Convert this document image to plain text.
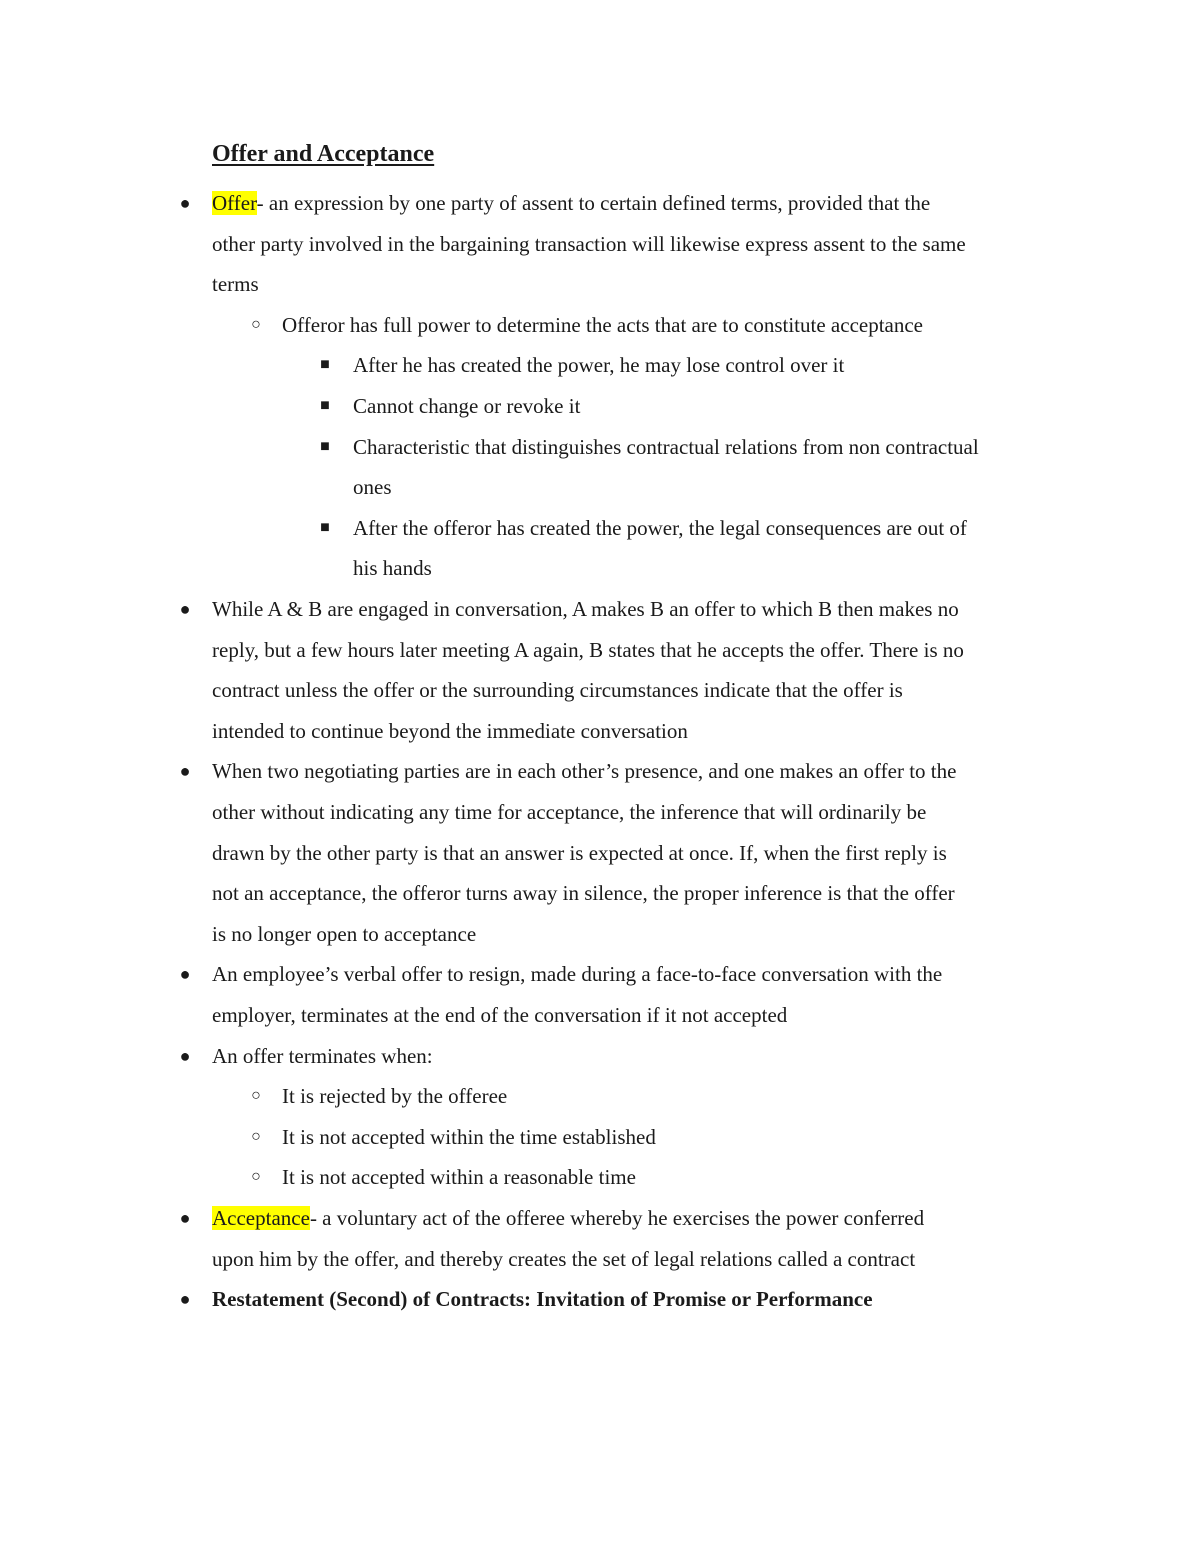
Offer and Acceptance
● Offer- an expression by one party of assent to certain defined terms, provided that the
other party involved in the bargaining transaction will likewise express assent to the same
terms
○ Offeror has full power to determine the acts that are to constitute acceptance
■ After he has created the power, he may lose control over it
■ Cannot change or revoke it
■ Characteristic that distinguishes contractual relations from non contractual
ones
■ After the offeror has created the power, the legal consequences are out of
his hands
● While A & B are engaged in conversation, A makes B an offer to which B then makes no
reply, but a few hours later meeting A again, B states that he accepts the offer. There is no
contract unless the offer or the surrounding circumstances indicate that the offer is
intended to continue beyond the immediate conversation
● When two negotiating parties are in each other’s presence, and one makes an offer to the
other without indicating any time for acceptance, the inference that will ordinarily be
drawn by the other party is that an answer is expected at once. If, when the first reply is
not an acceptance, the offeror turns away in silence, the proper inference is that the offer
is no longer open to acceptance
● An employee’s verbal offer to resign, made during a face-to-face conversation with the
employer, terminates at the end of the conversation if it not accepted
● An offer terminates when:
○ It is rejected by the offeree
○ It is not accepted within the time established
○ It is not accepted within a reasonable time
● Acceptance- a voluntary act of the offeree whereby he exercises the power conferred
upon him by the offer, and thereby creates the set of legal relations called a contract
● Restatement (Second) of Contracts: Invitation of Promise or Performance
